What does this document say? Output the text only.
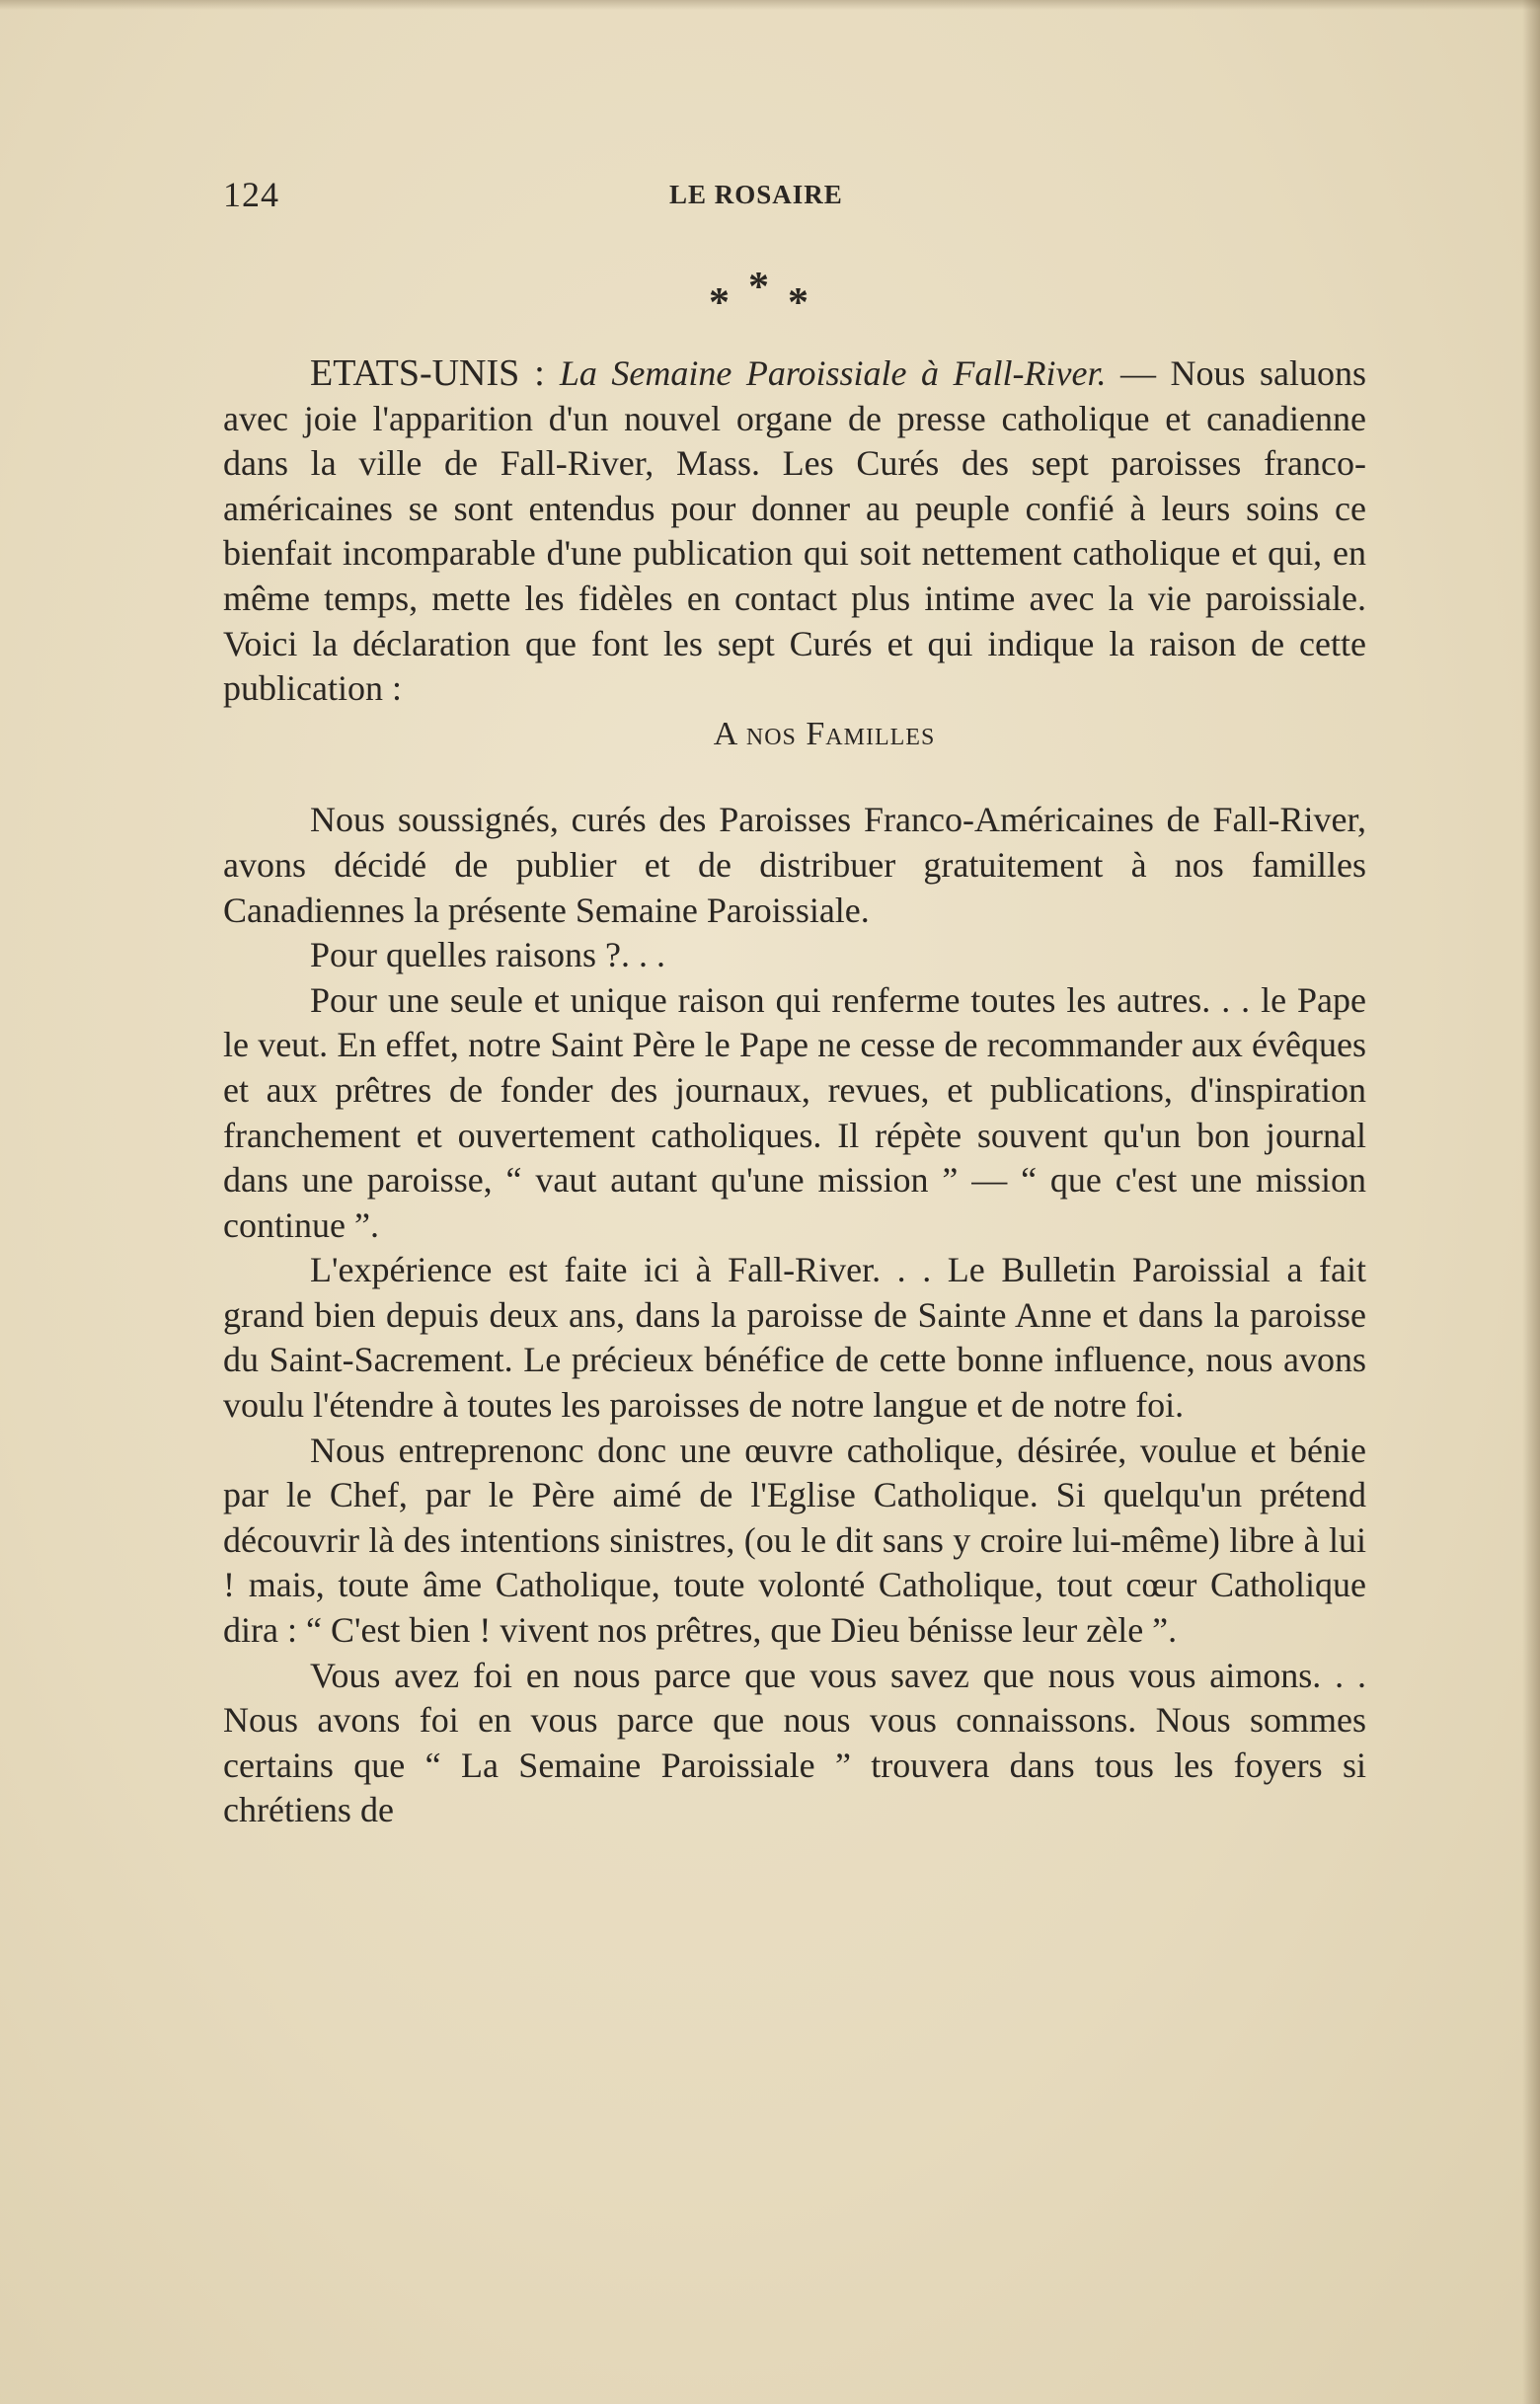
124	LE ROSAIRE
* * *

ETATS-UNIS : La Semaine Paroissiale à Fall-River. — Nous saluons avec joie l'apparition d'un nouvel organe de presse catholique et canadienne dans la ville de Fall-River, Mass. Les Curés des sept paroisses franco-américaines se sont entendus pour donner au peuple confié à leurs soins ce bienfait incomparable d'une publication qui soit nettement catholique et qui, en même temps, mette les fidèles en contact plus intime avec la vie paroissiale. Voici la déclaration que font les sept Curés et qui indique la raison de cette publication :

A nos Familles

Nous soussignés, curés des Paroisses Franco-Américaines de Fall-River, avons décidé de publier et de distribuer gratuitement à nos familles Canadiennes la présente Semaine Paroissiale.

Pour quelles raisons ?. . .

Pour une seule et unique raison qui renferme toutes les autres. . . le Pape le veut. En effet, notre Saint Père le Pape ne cesse de recommander aux évêques et aux prêtres de fonder des journaux, revues, et publications, d'inspiration franchement et ouvertement catholiques. Il répète souvent qu'un bon journal dans une paroisse, “ vaut autant qu'une mission ” — “ que c'est une mission continue ”.

L'expérience est faite ici à Fall-River. . . Le Bulletin Paroissial a fait grand bien depuis deux ans, dans la paroisse de Sainte Anne et dans la paroisse du Saint-Sacrement. Le précieux bénéfice de cette bonne influence, nous avons voulu l'étendre à toutes les paroisses de notre langue et de notre foi.

Nous entreprenonc donc une œuvre catholique, désirée, voulue et bénie par le Chef, par le Père aimé de l'Eglise Catholique. Si quelqu'un prétend découvrir là des intentions sinistres, (ou le dit sans y croire lui-même) libre à lui ! mais, toute âme Catholique, toute volonté Catholique, tout cœur Catholique dira : “ C'est bien ! vivent nos prêtres, que Dieu bénisse leur zèle ”.

Vous avez foi en nous parce que vous savez que nous vous aimons. . . Nous avons foi en vous parce que nous vous connaissons. Nous sommes certains que “ La Semaine Paroissiale ” trouvera dans tous les foyers si chrétiens de
